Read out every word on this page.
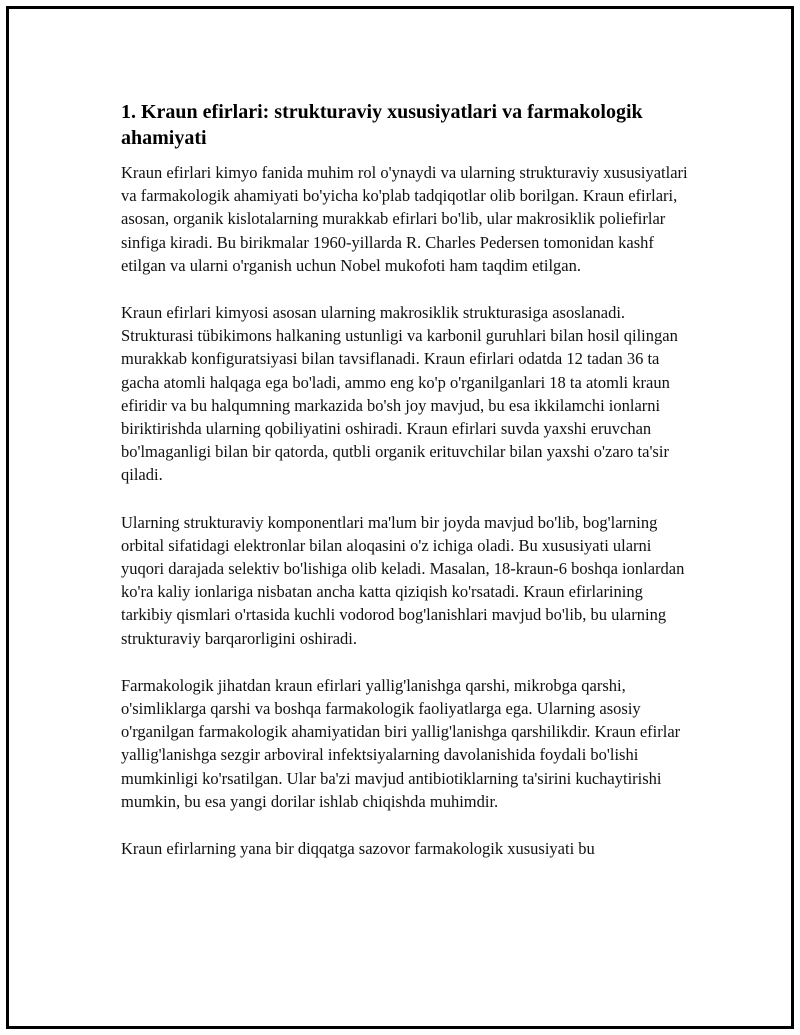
1. Kraun efirlari: strukturaviy xususiyatlari va farmakologik ahamiyati

Kraun efirlari kimyo fanida muhim rol o'ynaydi va ularning strukturaviy xususiyatlari va farmakologik ahamiyati bo'yicha ko'plab tadqiqotlar olib borilgan. Kraun efirlari, asosan, organik kislotalarning murakkab efirlari bo'lib, ular makrosiklik poliefirlar sinfiga kiradi. Bu birikmalar 1960-yillarda R. Charles Pedersen tomonidan kashf etilgan va ularni o'rganish uchun Nobel mukofoti ham taqdim etilgan.

Kraun efirlari kimyosi asosan ularning makrosiklik strukturasiga asoslanadi. Strukturasi tübikimons halkaning ustunligi va karbonil guruhlari bilan hosil qilingan murakkab konfiguratsiyasi bilan tavsiflanadi. Kraun efirlari odatda 12 tadan 36 ta gacha atomli halqaga ega bo'ladi, ammo eng ko'p o'rganilganlari 18 ta atomli kraun efiridir va bu halqumning markazida bo'sh joy mavjud, bu esa ikkilamchi ionlarni biriktirishda ularning qobiliyatini oshiradi. Kraun efirlari suvda yaxshi eruvchan bo'lmaganligi bilan bir qatorda, qutbli organik erituvchilar bilan yaxshi o'zaro ta'sir qiladi.

Ularning strukturaviy komponentlari ma'lum bir joyda mavjud bo'lib, bog'larning orbital sifatidagi elektronlar bilan aloqasini o'z ichiga oladi. Bu xususiyati ularni yuqori darajada selektiv bo'lishiga olib keladi. Masalan, 18-kraun-6 boshqa ionlardan ko'ra kaliy ionlariga nisbatan ancha katta qiziqish ko'rsatadi. Kraun efirlarining tarkibiy qismlari o'rtasida kuchli vodorod bog'lanishlari mavjud bo'lib, bu ularning strukturaviy barqarorligini oshiradi.

Farmakologik jihatdan kraun efirlari yallig'lanishga qarshi, mikrobga qarshi, o'simliklarga qarshi va boshqa farmakologik faoliyatlarga ega. Ularning asosiy o'rganilgan farmakologik ahamiyatidan biri yallig'lanishga qarshilikdir. Kraun efirlar yallig'lanishga sezgir arboviral infektsiyalarning davolanishida foydali bo'lishi mumkinligi ko'rsatilgan. Ular ba'zi mavjud antibiotiklarning ta'sirini kuchaytirishi mumkin, bu esa yangi dorilar ishlab chiqishda muhimdir.

Kraun efirlarning yana bir diqqatga sazovor farmakologik xususiyati bu
